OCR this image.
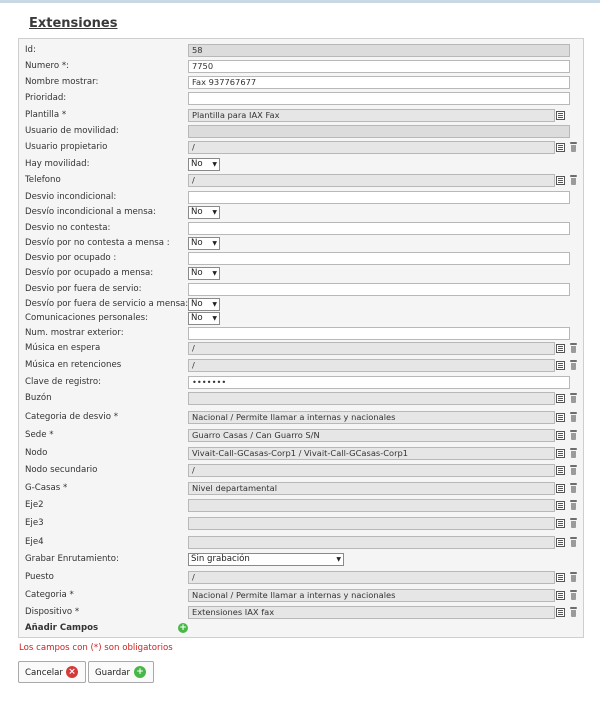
Extensiones
Id:	58
Numero *:	7750
Nombre mostrar:	Fax 937767677
Prioridad:
Plantilla *	Plantilla para IAX Fax
Usuario de movilidad:
Usuario propietario	/
Hay movilidad:	No ▼
Telefono	/
Desvio incondicional:
Desvío incondicional a mensa:	No ▼
Desvio no contesta:
Desvío por no contesta a mensa :	No ▼
Desvio por ocupado :
Desvío por ocupado a mensa:	No ▼
Desvio por fuera de servio:
Desvío por fuera de servicio a mensa: No ▼
Comunicaciones personales:	No ▼
Num. mostrar exterior:
Música en espera	/
Música en retenciones	/
Clave de registro:	•••••••
Buzón
Categoria de desvio *	Nacional / Permite llamar a internas y nacionales
Sede *	Guarro Casas / Can Guarro S/N
Nodo	Vivait-Call-GCasas-Corp1 / Vivait-Call-GCasas-Corp1
Nodo secundario	/
G-Casas *	Nivel departamental
Eje2
Eje3
Eje4
Grabar Enrutamiento:	Sin grabación	▼
Puesto	/
Categoria *	Nacional / Permite llamar a internas y nacionales
Dispositivo *	Extensiones IAX fax
Añadir Campos	+
Los campos con (*) son obligatorios
Cancelar × Guardar +
